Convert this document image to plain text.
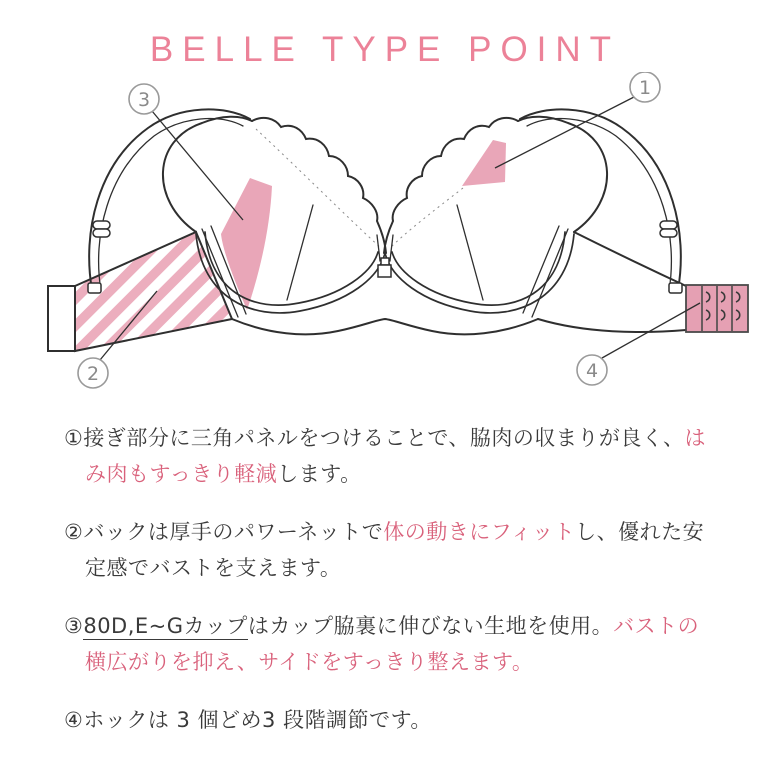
BELLE TYPE POINT
3
1
2	4

①接ぎ部分に三角パネルをつけることで、脇肉の収まりが良く、はみ肉もすっきり軽減します。

②バックは厚手のパワーネットで体の動きにフィットし、優れた安定感でバストを支えます。

③80D,E~Gカップはカップ脇裏に伸びない生地を使用。バストの横広がりを抑え、サイドをすっきり整えます。

④ホックは 3 個どめ3 段階調節です。
